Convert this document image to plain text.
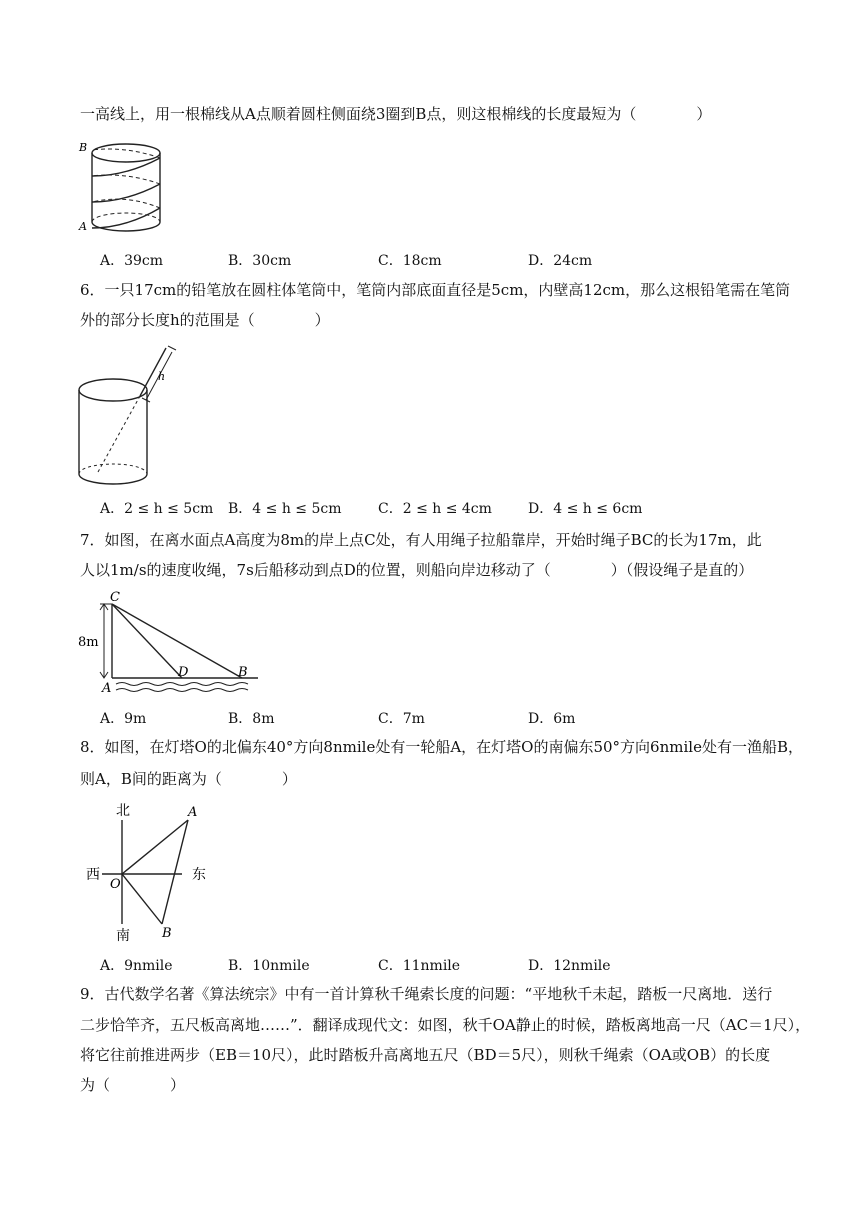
一高线上，用一根棉线从A点顺着圆柱侧面绕3圈到B点，则这根棉线的长度最短为（　　　　）
B
A
A．39cm	B．30cm	C．18cm	D．24cm
6．一只17cm的铅笔放在圆柱体笔筒中，笔筒内部底面直径是5cm，内壁高12cm，那么这根铅笔需在笔筒
外的部分长度h的范围是（　　　　）
h
A．2 ≤ h ≤ 5cm B．4 ≤ h ≤ 5cm	C．2 ≤ h ≤ 4cm	D．4 ≤ h ≤ 6cm
7．如图，在离水面点A高度为8m的岸上点C处，有人用绳子拉船靠岸，开始时绳子BC的长为17m，此
人以1m/s的速度收绳，7s后船移动到点D的位置，则船向岸边移动了（　　　　）（假设绳子是直的）
C
8m
D	B
A
A．9m	B．8m	C．7m	D．6m
8．如图，在灯塔O的北偏东40°方向8nmile处有一轮船A，在灯塔O的南偏东50°方向6nmile处有一渔船B，
则A，B间的距离为（　　　　）
北	A
西
O
东
南 B
A．9nmile	B．10nmile	C．11nmile	D．12nmile
9．古代数学名著《算法统宗》中有一首计算秋千绳索长度的问题：“平地秋千未起，踏板一尺离地．送行
二步恰竿齐，五尺板高离地……”．翻译成现代文：如图，秋千OA静止的时候，踏板离地高一尺（AC＝1尺），
将它往前推进两步（EB＝10尺），此时踏板升高离地五尺（BD＝5尺），则秋千绳索（OA或OB）的长度
为（　　　　）
